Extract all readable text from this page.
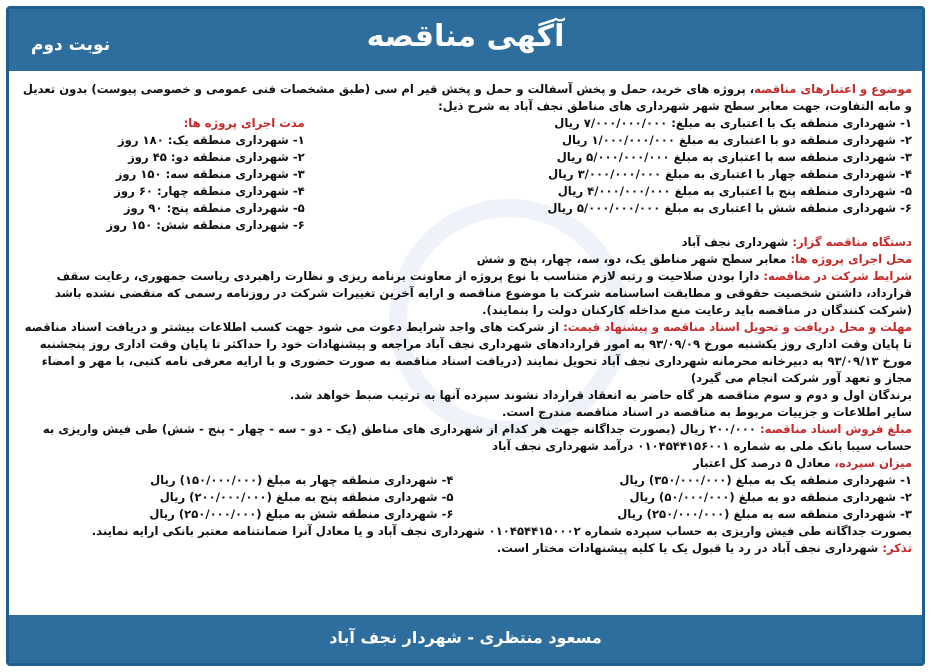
آگهی مناقصه
نوبت دوم

موضوع و اعتبارهای مناقصه، پروژه های خرید، حمل و پخش آسفالت و حمل و پخش قیر ام سی (طبق مشخصات فنی عمومی و خصوصی پیوست) بدون تعدیل و مابه التفاوت، جهت معابر سطح شهر شهرداری های مناطق نجف آباد به شرح ذیل:

۱- شهرداری منطقه یک با اعتباری به مبلغ: ۷/۰۰۰/۰۰۰/۰۰۰ ریال
۲- شهرداری منطقه دو با اعتباری به مبلغ ۱/۰۰۰/۰۰۰/۰۰۰ ریال
۳- شهرداری منطقه سه با اعتباری به مبلغ ۵/۰۰۰/۰۰۰/۰۰۰ ریال
۴- شهرداری منطقه چهار با اعتباری به مبلغ ۳/۰۰۰/۰۰۰/۰۰۰ ریال
۵- شهرداری منطقه پنج با اعتباری به مبلغ ۴/۰۰۰/۰۰۰/۰۰۰ ریال
۶- شهرداری منطقه شش با اعتباری به مبلغ ۵/۰۰۰/۰۰۰/۰۰۰ ریال
مدت اجرای پروژه ها:
۱- شهرداری منطقه یک: ۱۸۰ روز
۲- شهرداری منطقه دو: ۴۵ روز
۳- شهرداری منطقه سه: ۱۵۰ روز
۴- شهرداری منطقه چهار: ۶۰ روز
۵- شهرداری منطقه پنج: ۹۰ روز
۶- شهرداری منطقه شش: ۱۵۰ روز

دستگاه مناقصه گزار: شهرداری نجف آباد

محل اجرای پروژه ها: معابر سطح شهر مناطق یک، دو، سه، چهار، پنج و شش

شرایط شرکت در مناقصه: دارا بودن صلاحیت و رتبه لازم متناسب با نوع پروژه از معاونت برنامه ریزی و نظارت راهبردی ریاست جمهوری، رعایت سقف قرارداد، داشتن شخصیت حقوقی و مطابقت اساسنامه شرکت با موضوع مناقصه و ارایه آخرین تغییرات شرکت در روزنامه رسمی که منقضی نشده باشد (شرکت کنندگان در مناقصه باید رعایت منع مداخله کارکنان دولت را بنمایند).

مهلت و محل دریافت و تحویل اسناد مناقصه و پیشنهاد قیمت: از شرکت های واجد شرایط دعوت می شود جهت کسب اطلاعات بیشتر و دریافت اسناد مناقصه تا پایان وقت اداری روز یکشنبه مورخ ۹۳/۰۹/۰۹ به امور قراردادهای شهرداری نجف آباد مراجعه و پیشنهادات خود را حداکثر تا پایان وقت اداری روز پنجشنبه مورخ ۹۳/۰۹/۱۳ به دبیرخانه محرمانه شهرداری نجف آباد تحویل نمایند (دریافت اسناد مناقصه به صورت حضوری و با ارایه معرفی نامه کتبی، با مهر و امضاء مجاز و تعهد آور شرکت انجام می گیرد)

برندگان اول و دوم و سوم مناقصه هر گاه حاضر به انعقاد قرارداد نشوند سپرده آنها به ترتیب ضبط خواهد شد.

سایر اطلاعات و جزییات مربوط به مناقصه در اسناد مناقصه مندرج است.

مبلغ فروش اسناد مناقصه: ۲۰۰/۰۰۰ ریال (بصورت جداگانه جهت هر کدام از شهرداری های مناطق (یک - دو - سه - چهار - پنج - شش) طی فیش واریزی به حساب سیبا بانک ملی به شماره ۰۱۰۴۵۴۴۱۵۶۰۰۱ درآمد شهرداری نجف آباد

میزان سپرده، معادل ۵ درصد کل اعتبار

۱- شهرداری منطقه یک به مبلغ (۳۵۰/۰۰۰/۰۰۰) ریال
۴- شهرداری منطقه چهار به مبلغ (۱۵۰/۰۰۰/۰۰۰) ریال
۲- شهرداری منطقه دو به مبلغ (۵۰/۰۰۰/۰۰۰) ریال
۵- شهرداری منطقه پنج به مبلغ (۲۰۰/۰۰۰/۰۰۰) ریال
۳- شهرداری منطقه سه به مبلغ (۲۵۰/۰۰۰/۰۰۰) ریال
۶- شهرداری منطقه شش به مبلغ (۲۵۰/۰۰۰/۰۰۰) ریال

بصورت جداگانه طی فیش واریزی به حساب سپرده شماره ۰۱۰۴۵۴۴۱۵۰۰۰۲ شهرداری نجف آباد و یا معادل آنرا ضمانتنامه معتبر بانکی ارایه نمایند.

تذکر: شهرداری نجف آباد در رد یا قبول یک یا کلیه پیشنهادات مختار است.

مسعود منتظری - شهردار نجف آباد
